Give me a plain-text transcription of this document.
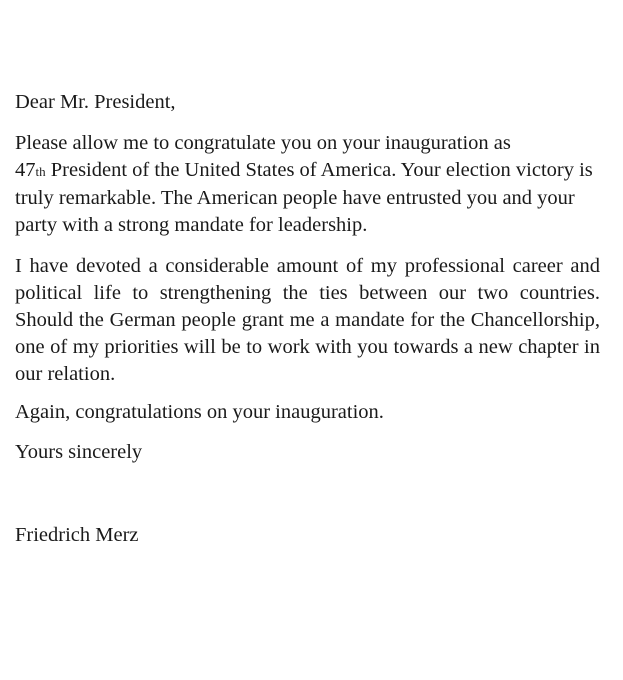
Dear Mr. President,

Please allow me to congratulate you on your inauguration as
47th President of the United States of America. Your election victory is truly remarkable. The American people have entrusted you and your party with a strong mandate for leadership.

I have devoted a considerable amount of my professional career and political life to strengthening the ties between our two countries. Should the German people grant me a mandate for the Chancellorship, one of my priorities will be to work with you towards a new chapter in our relation.

Again, congratulations on your inauguration.

Yours sincerely

Friedrich Merz
